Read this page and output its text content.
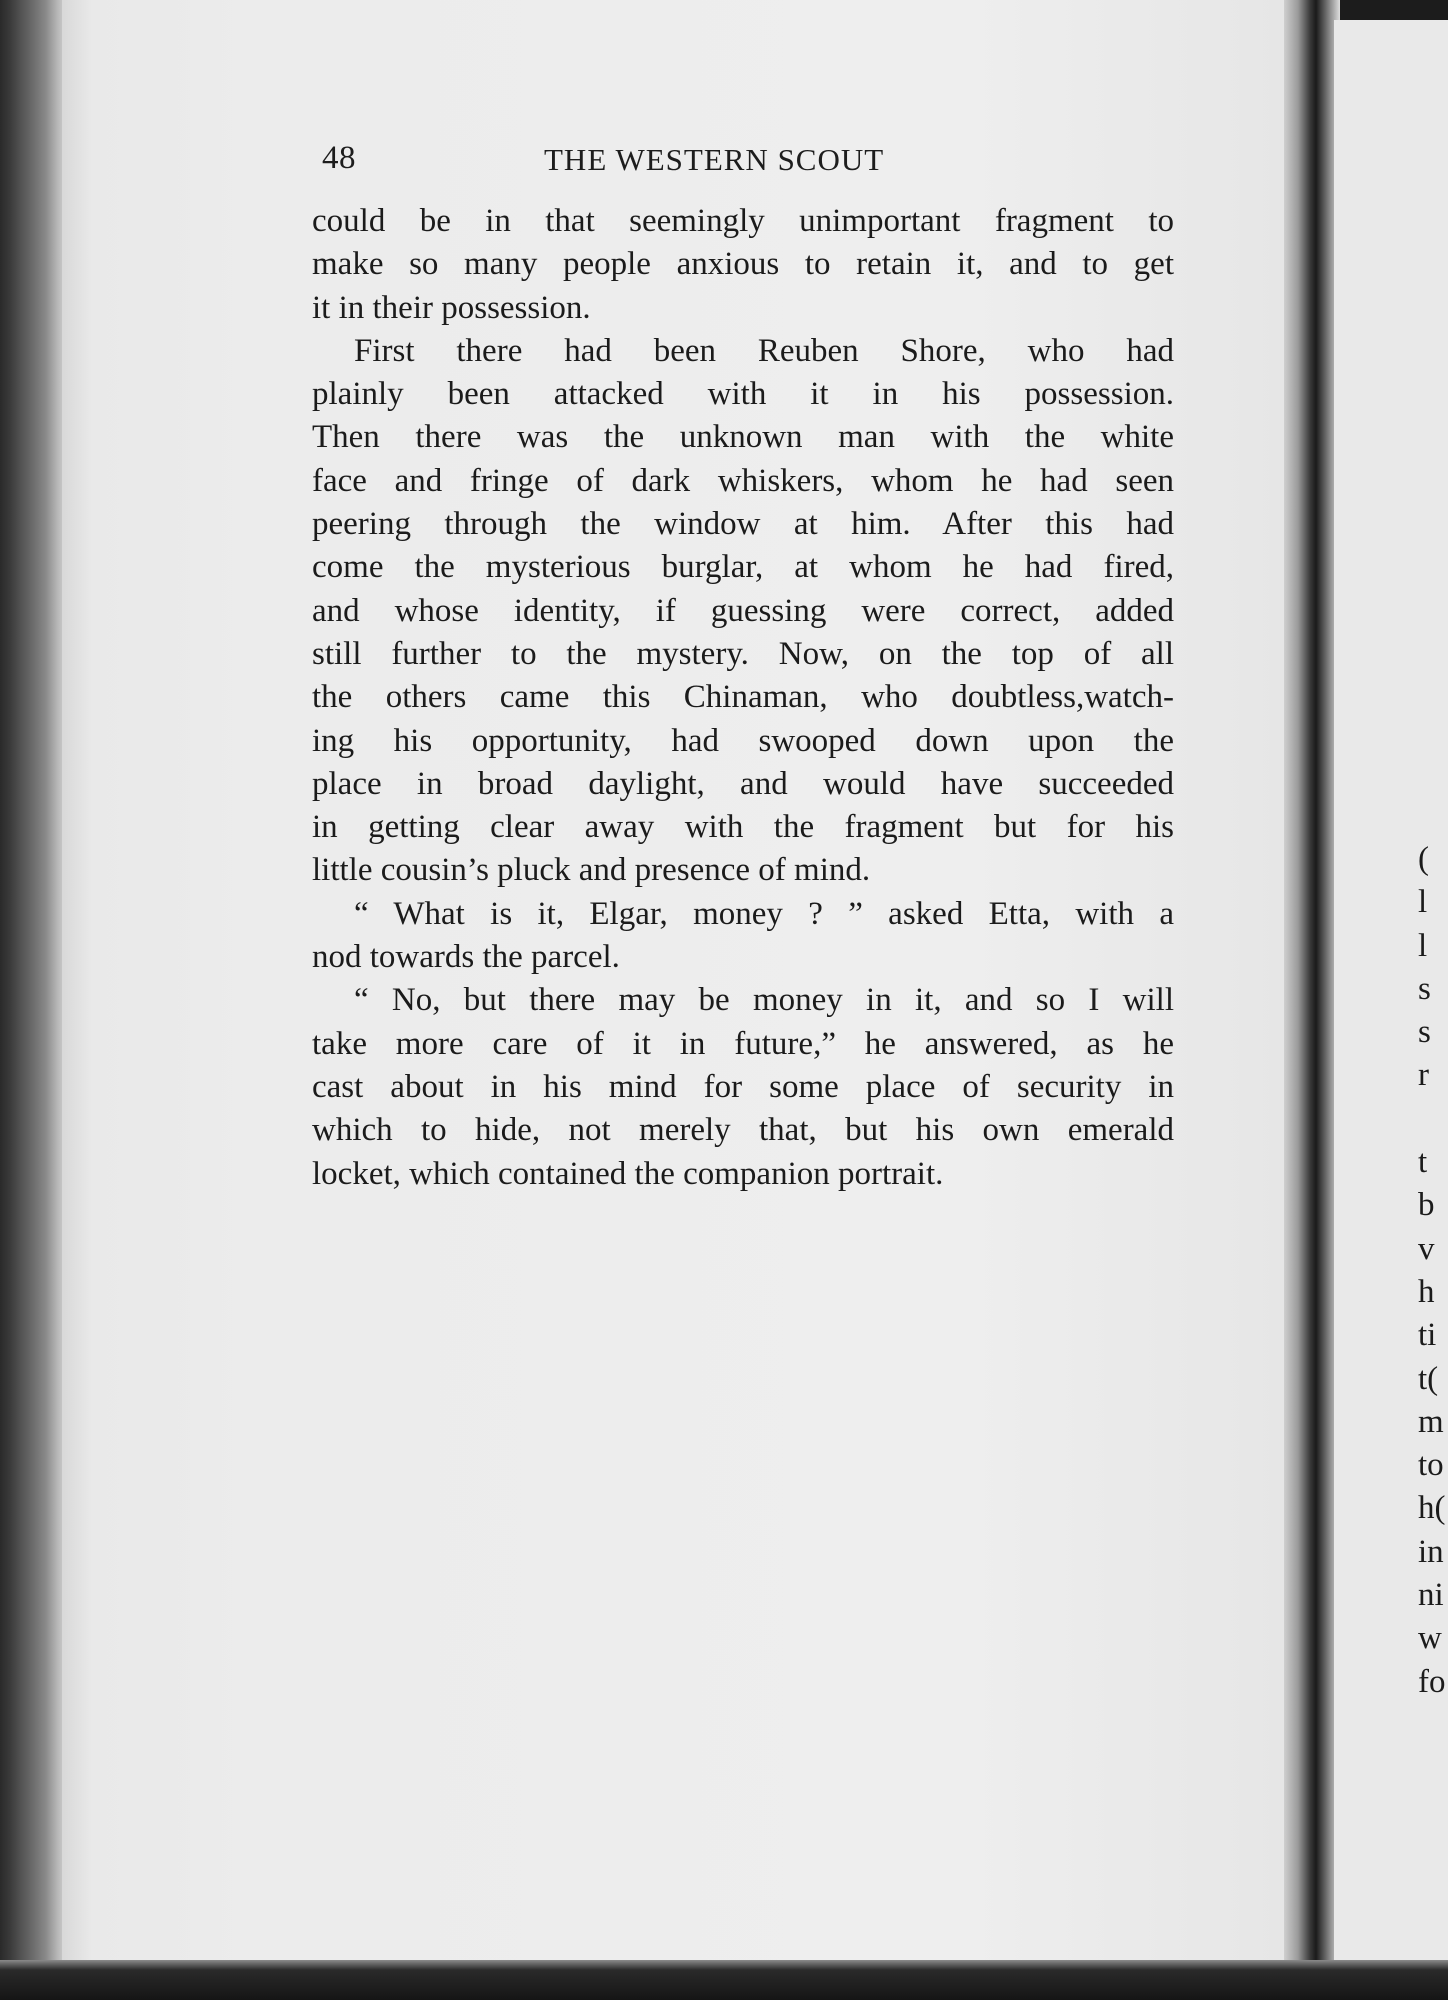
48	THE WESTERN SCOUT
could be in that seemingly unimportant fragment to
make so many people anxious to retain it, and to get
it in their possession.
First there had been Reuben Shore, who had
plainly been attacked with it in his possession.
Then there was the unknown man with the white
face and fringe of dark whiskers, whom he had seen
peering through the window at him. After this had
come the mysterious burglar, at whom he had fired,
and whose identity, if guessing were correct, added
still further to the mystery. Now, on the top of all
the others came this Chinaman, who doubtless,watch-
ing his opportunity, had swooped down upon the
place in broad daylight, and would have succeeded
in getting clear away with the fragment but for his
little cousin’s pluck and presence of mind.
“ What is it, Elgar, money ? ” asked Etta, with a
nod towards the parcel.
“ No, but there may be money in it, and so I will
take more care of it in future,” he answered, as he
cast about in his mind for some place of security in
which to hide, not merely that, but his own emerald
locket, which contained the companion portrait.
(
l
l
s
s
r
t
b
v
h
ti
t(
m
to
h(
in
ni
w
fo
